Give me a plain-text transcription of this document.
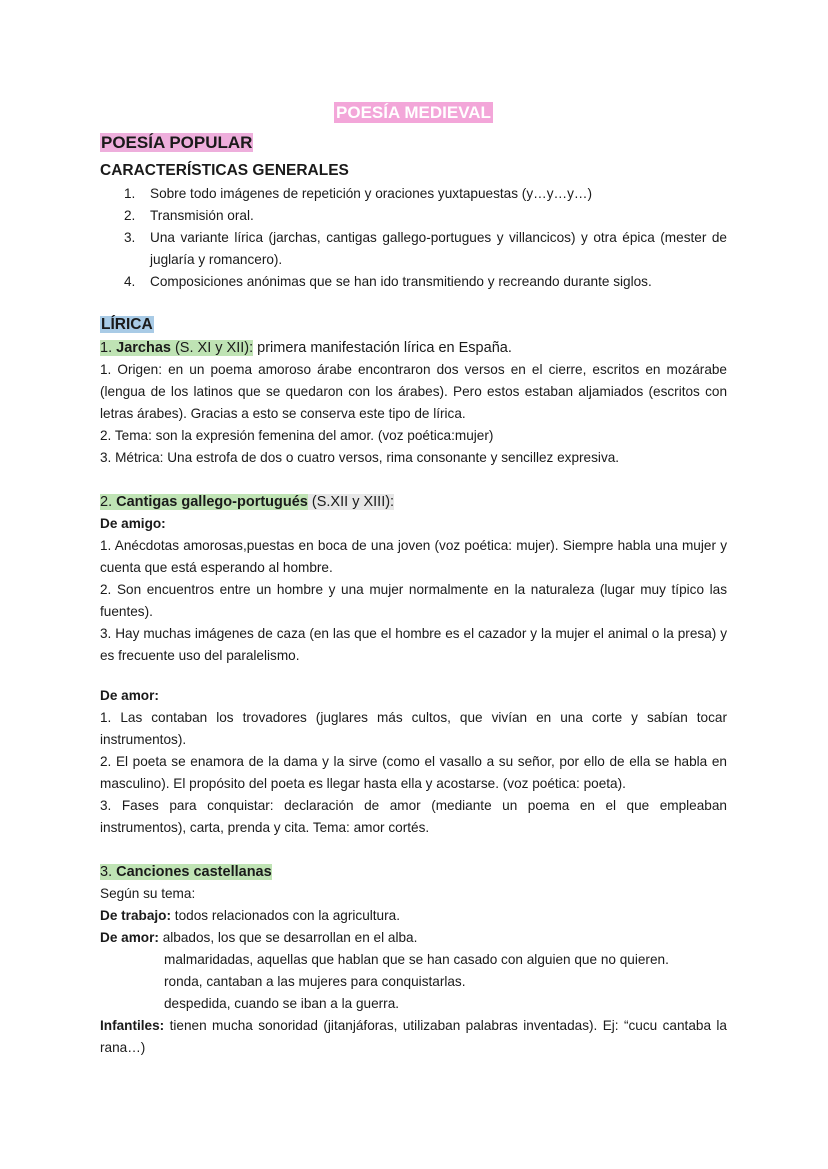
POESÍA MEDIEVAL
POESÍA POPULAR
CARACTERÍSTICAS GENERALES
1. Sobre todo imágenes de repetición y oraciones yuxtapuestas (y…y…y…)
2. Transmisión oral.
3. Una variante lírica (jarchas, cantigas gallego-portugues y villancicos) y otra épica (mester de juglaría y romancero).
4. Composiciones anónimas que se han ido transmitiendo y recreando durante siglos.
LÍRICA
1. Jarchas (S. XI y XII): primera manifestación lírica en España.

1. Origen: en un poema amoroso árabe encontraron dos versos en el cierre, escritos en mozárabe (lengua de los latinos que se quedaron con los árabes). Pero estos estaban aljamiados (escritos con letras árabes). Gracias a esto se conserva este tipo de lírica.

2. Tema: son la expresión femenina del amor. (voz poética:mujer)

3. Métrica: Una estrofa de dos o cuatro versos, rima consonante y sencillez expresiva.

2. Cantigas gallego-portugués (S.XII y XIII):

De amigo:

1. Anécdotas amorosas,puestas en boca de una joven (voz poética: mujer). Siempre habla una mujer y cuenta que está esperando al hombre.

2. Son encuentros entre un hombre y una mujer normalmente en la naturaleza (lugar muy típico las fuentes).

3. Hay muchas imágenes de caza (en las que el hombre es el cazador y la mujer el animal o la presa) y es frecuente uso del paralelismo.

De amor:

1. Las contaban los trovadores (juglares más cultos, que vivían en una corte y sabían tocar instrumentos).

2. El poeta se enamora de la dama y la sirve (como el vasallo a su señor, por ello de ella se habla en masculino). El propósito del poeta es llegar hasta ella y acostarse. (voz poética: poeta).

3. Fases para conquistar: declaración de amor (mediante un poema en el que empleaban instrumentos), carta, prenda y cita. Tema: amor cortés.

3. Canciones castellanas

Según su tema:

De trabajo: todos relacionados con la agricultura.

De amor: albados, los que se desarrollan en el alba.

malmaridadas, aquellas que hablan que se han casado con alguien que no quieren.

ronda, cantaban a las mujeres para conquistarlas.

despedida, cuando se iban a la guerra.

Infantiles: tienen mucha sonoridad (jitanjáforas, utilizaban palabras inventadas). Ej: “cucu cantaba la rana…)
